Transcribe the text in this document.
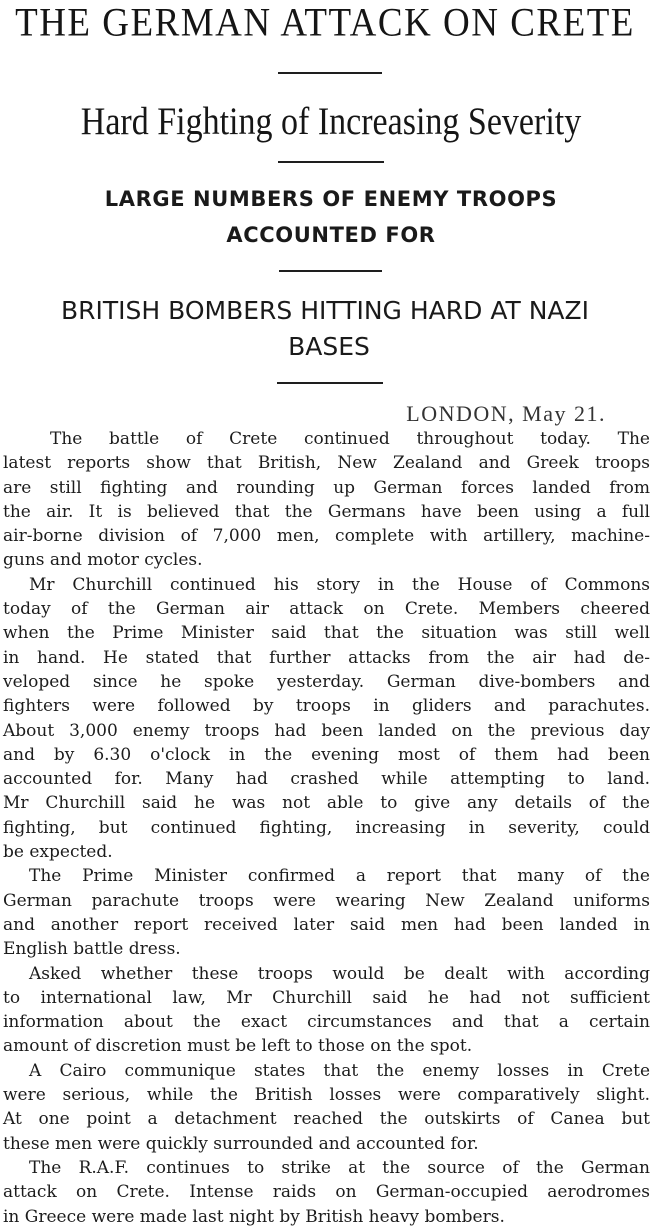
THE GERMAN ATTACK ON CRETE
Hard Fighting of Increasing Severity
LARGE NUMBERS OF ENEMY TROOPS
ACCOUNTED FOR
BRITISH BOMBERS HITTING HARD AT NAZI
BASES
LONDON, May 21.
The battle of Crete continued throughout today. The
latest reports show that British, New Zealand and Greek troops
are still fighting and rounding up German forces landed from
the air. It is believed that the Germans have been using a full
air-borne division of 7,000 men, complete with artillery, machine-
guns and motor cycles.
Mr Churchill continued his story in the House of Commons
today of the German air attack on Crete. Members cheered
when the Prime Minister said that the situation was still well
in hand. He stated that further attacks from the air had de-
veloped since he spoke yesterday. German dive-bombers and
fighters were followed by troops in gliders and parachutes.
About 3,000 enemy troops had been landed on the previous day
and by 6.30 o'clock in the evening most of them had been
accounted for. Many had crashed while attempting to land.
Mr Churchill said he was not able to give any details of the
fighting, but continued fighting, increasing in severity, could
be expected.
The Prime Minister confirmed a report that many of the
German parachute troops were wearing New Zealand uniforms
and another report received later said men had been landed in
English battle dress.
Asked whether these troops would be dealt with according
to international law, Mr Churchill said he had not sufficient
information about the exact circumstances and that a certain
amount of discretion must be left to those on the spot.
A Cairo communique states that the enemy losses in Crete
were serious, while the British losses were comparatively slight.
At one point a detachment reached the outskirts of Canea but
these men were quickly surrounded and accounted for.
The R.A.F. continues to strike at the source of the German
attack on Crete. Intense raids on German-occupied aerodromes
in Greece were made last night by British heavy bombers.
